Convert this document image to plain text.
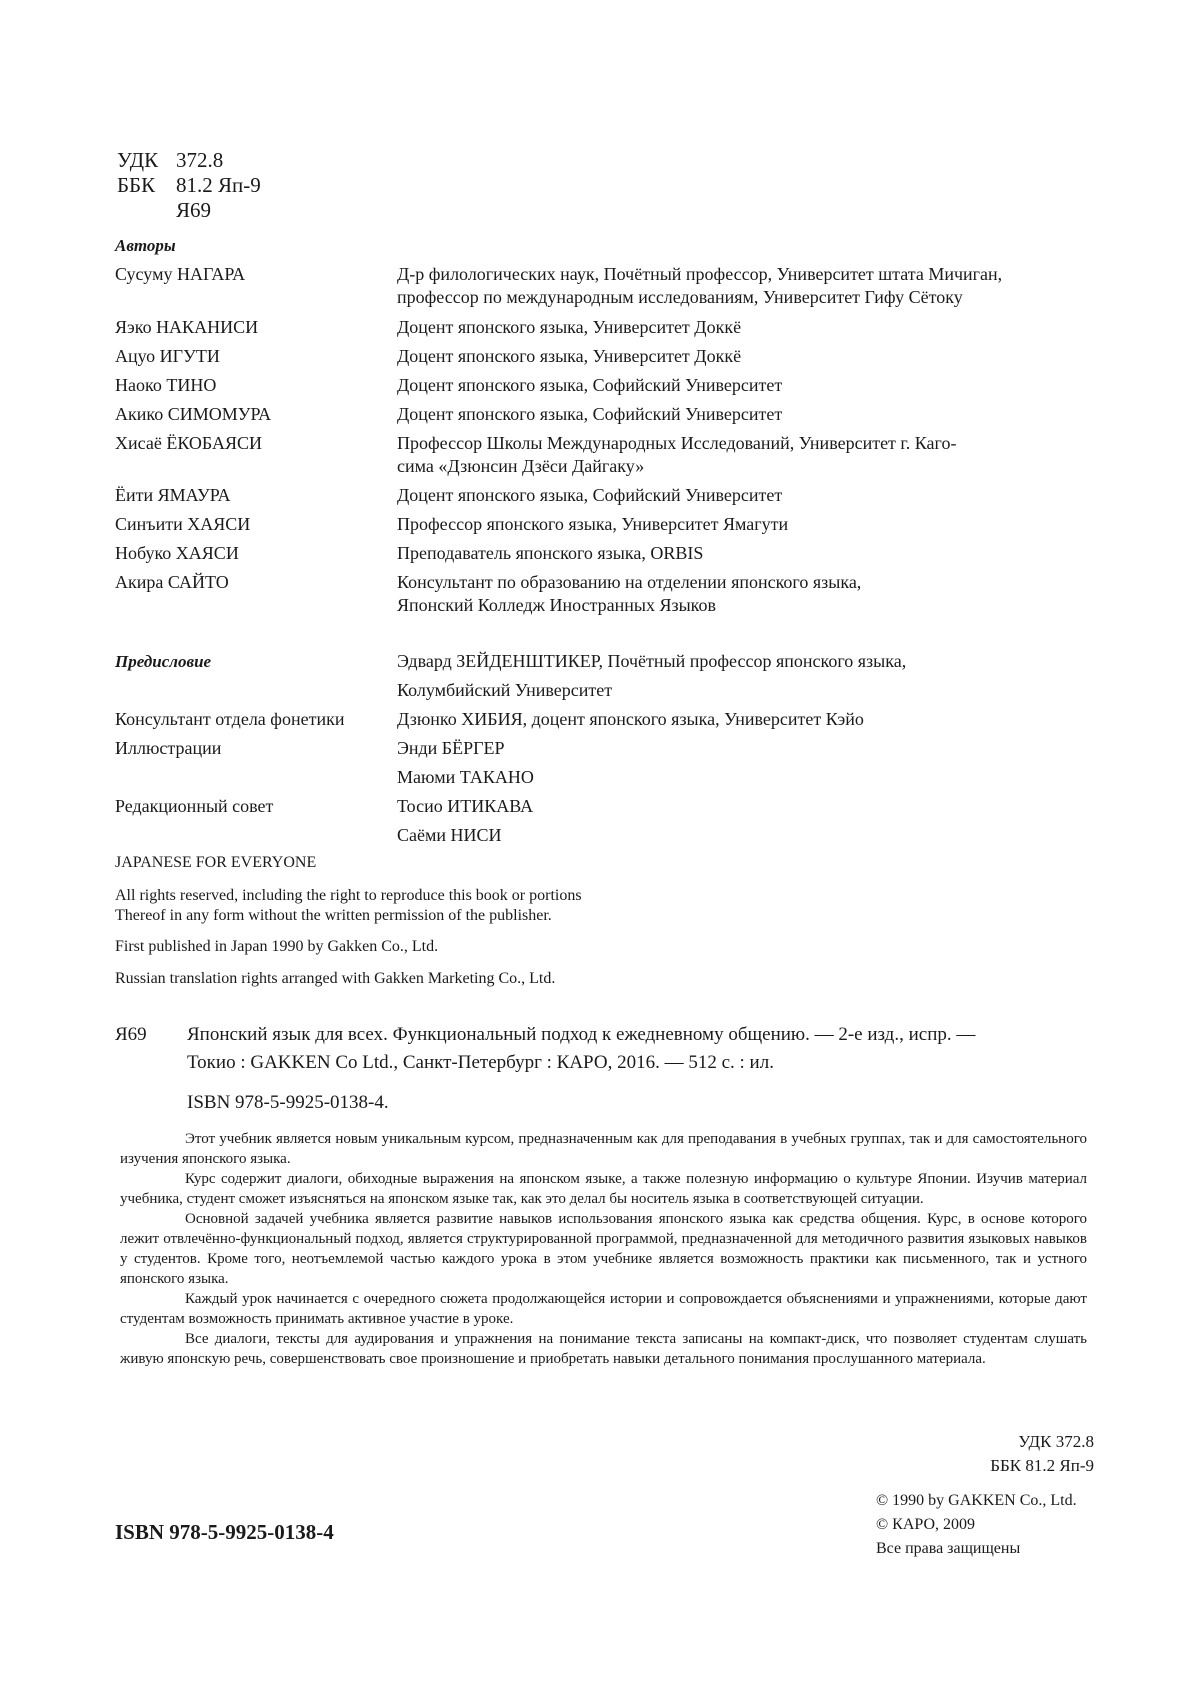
УДК 372.8
ББК 81.2 Яп-9
Я69
Авторы
Сусуму НАГАРА	Д-р филологических наук, Почётный профессор, Университет штата Мичиган,
профессор по международным исследованиям, Университет Гифу Сётоку
Яэко НАКАНИСИ	Доцент японского языка, Университет Доккё
Ацуо ИГУТИ	Доцент японского языка, Университет Доккё
Наоко ТИНО	Доцент японского языка, Софийский Университет
Акико СИМОМУРА	Доцент японского языка, Софийский Университет
Хисаё ЁКОБАЯСИ	Профессор Школы Международных Исследований, Университет г. Каго-
сима «Дзюнсин Дзёси Дайгаку»
Ёити ЯМАУРА	Доцент японского языка, Софийский Университет
Синъити ХАЯСИ	Профессор японского языка, Университет Ямагути
Нобуко ХАЯСИ	Преподаватель японского языка, ORBIS
Акира САЙТО	Консультант по образованию на отделении японского языка,
Японский Колледж Иностранных Языков
Предисловие	Эдвард ЗЕЙДЕНШТИКЕР, Почётный профессор японского языка,
Колумбийский Университет
Консультант отдела фонетики	Дзюнко ХИБИЯ, доцент японского языка, Университет Кэйо
Иллюстрации	Энди БЁРГЕР
Маюми ТАКАНО
Редакционный совет	Тосио ИТИКАВА
Саёми НИСИ
JAPANESE FOR EVERYONE
All rights reserved, including the right to reproduce this book or portions
Thereof in any form without the written permission of the publisher.
First published in Japan 1990 by Gakken Co., Ltd.
Russian translation rights arranged with Gakken Marketing Co., Ltd.
Я69 Японский язык для всех. Функциональный подход к ежедневному общению. — 2-е изд., испр. —
Токио : GAKKEN Co Ltd., Санкт-Петербург : КАРО, 2016. — 512 с. : ил.
ISBN 978-5-9925-0138-4.

Этот учебник является новым уникальным курсом, предназначенным как для преподавания в учебных группах, так и для самостоятельного изучения японского языка.

Курс содержит диалоги, обиходные выражения на японском языке, а также полезную информацию о культуре Японии. Изучив материал учебника, студент сможет изъясняться на японском языке так, как это делал бы носитель языка в соответствующей ситуации.

Основной задачей учебника является развитие навыков использования японского языка как средства общения. Курс, в основе которого лежит отвлечённо-функциональный подход, является структурированной программой, предназначенной для методичного развития языковых навыков у студентов. Кроме того, неотъемлемой частью каждого урока в этом учебнике является возможность практики как письменного, так и устного японского языка.

Каждый урок начинается с очередного сюжета продолжающейся истории и сопровождается объяснениями и упражнениями, которые дают студентам возможность принимать активное участие в уроке.

Все диалоги, тексты для аудирования и упражнения на понимание текста записаны на компакт-диск, что позволяет студентам слушать живую японскую речь, совершенствовать свое произношение и приобретать навыки детального понимания прослушанного материала.

УДК 372.8
ББК 81.2 Яп-9
© 1990 by GAKKEN Co., Ltd.
© КАРО, 2009
Все права защищены
ISBN 978-5-9925-0138-4
